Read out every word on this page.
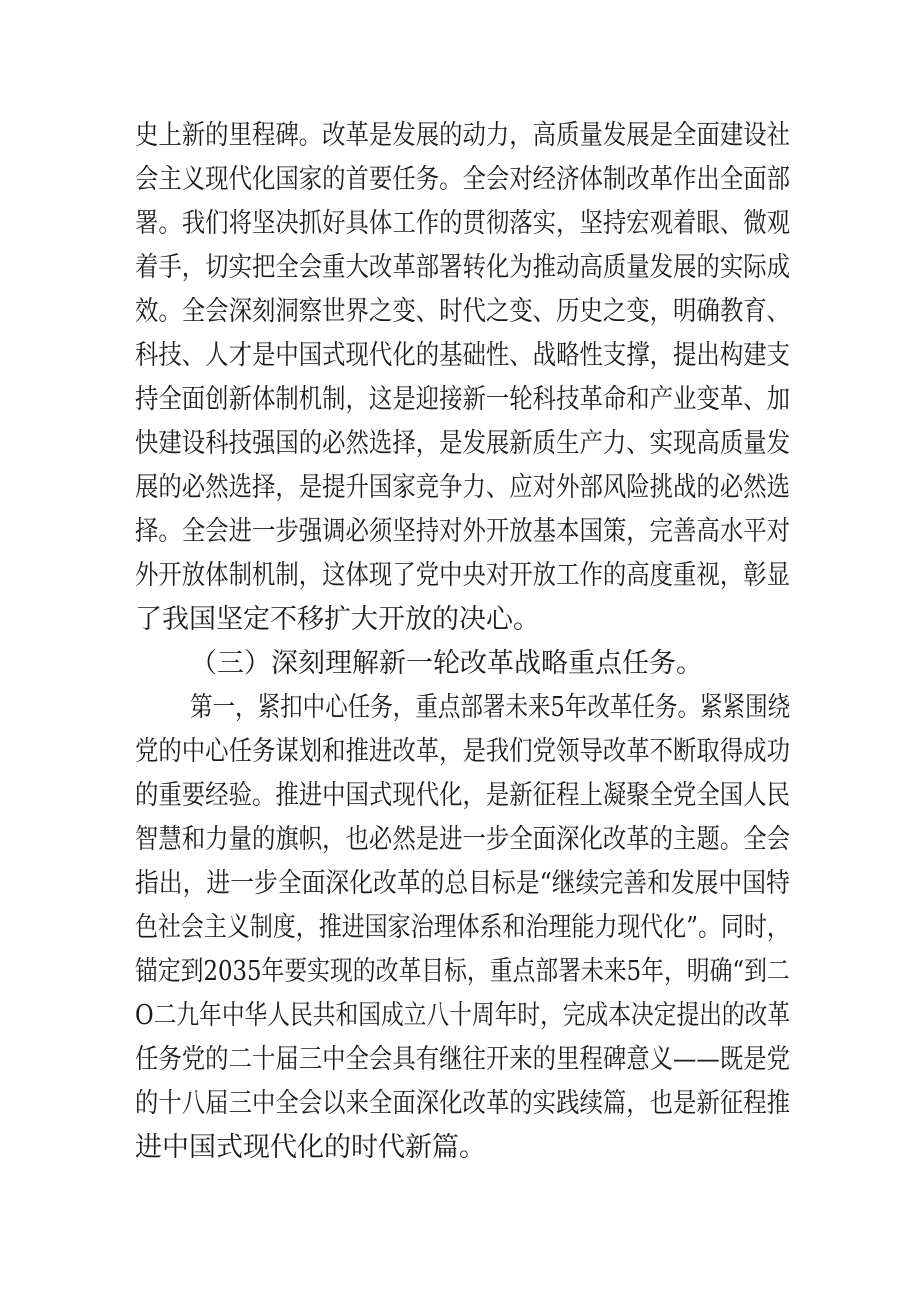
史上新的里程碑。改革是发展的动力，高质量发展是全面建设社
会主义现代化国家的首要任务。全会对经济体制改革作出全面部
署。我们将坚决抓好具体工作的贯彻落实，坚持宏观着眼、微观
着手，切实把全会重大改革部署转化为推动高质量发展的实际成
效。全会深刻洞察世界之变、时代之变、历史之变，明确教育、
科技、人才是中国式现代化的基础性、战略性支撑，提出构建支
持全面创新体制机制，这是迎接新一轮科技革命和产业变革、加
快建设科技强国的必然选择，是发展新质生产力、实现高质量发
展的必然选择，是提升国家竞争力、应对外部风险挑战的必然选
择。全会进一步强调必须坚持对外开放基本国策，完善高水平对
外开放体制机制，这体现了党中央对开放工作的高度重视，彰显
了我国坚定不移扩大开放的决心。
（三）深刻理解新一轮改革战略重点任务。
第一，紧扣中心任务，重点部署未来5年改革任务。紧紧围绕
党的中心任务谋划和推进改革，是我们党领导改革不断取得成功
的重要经验。推进中国式现代化，是新征程上凝聚全党全国人民
智慧和力量的旗帜，也必然是进一步全面深化改革的主题。全会
指出，进一步全面深化改革的总目标是“继续完善和发展中国特
色社会主义制度，推进国家治理体系和治理能力现代化”。同时，
锚定到2035年要实现的改革目标，重点部署未来5年，明确“到二
O二九年中华人民共和国成立八十周年时，完成本决定提出的改革
任务党的二十届三中全会具有继往开来的里程碑意义——既是党
的十八届三中全会以来全面深化改革的实践续篇，也是新征程推
进中国式现代化的时代新篇。
